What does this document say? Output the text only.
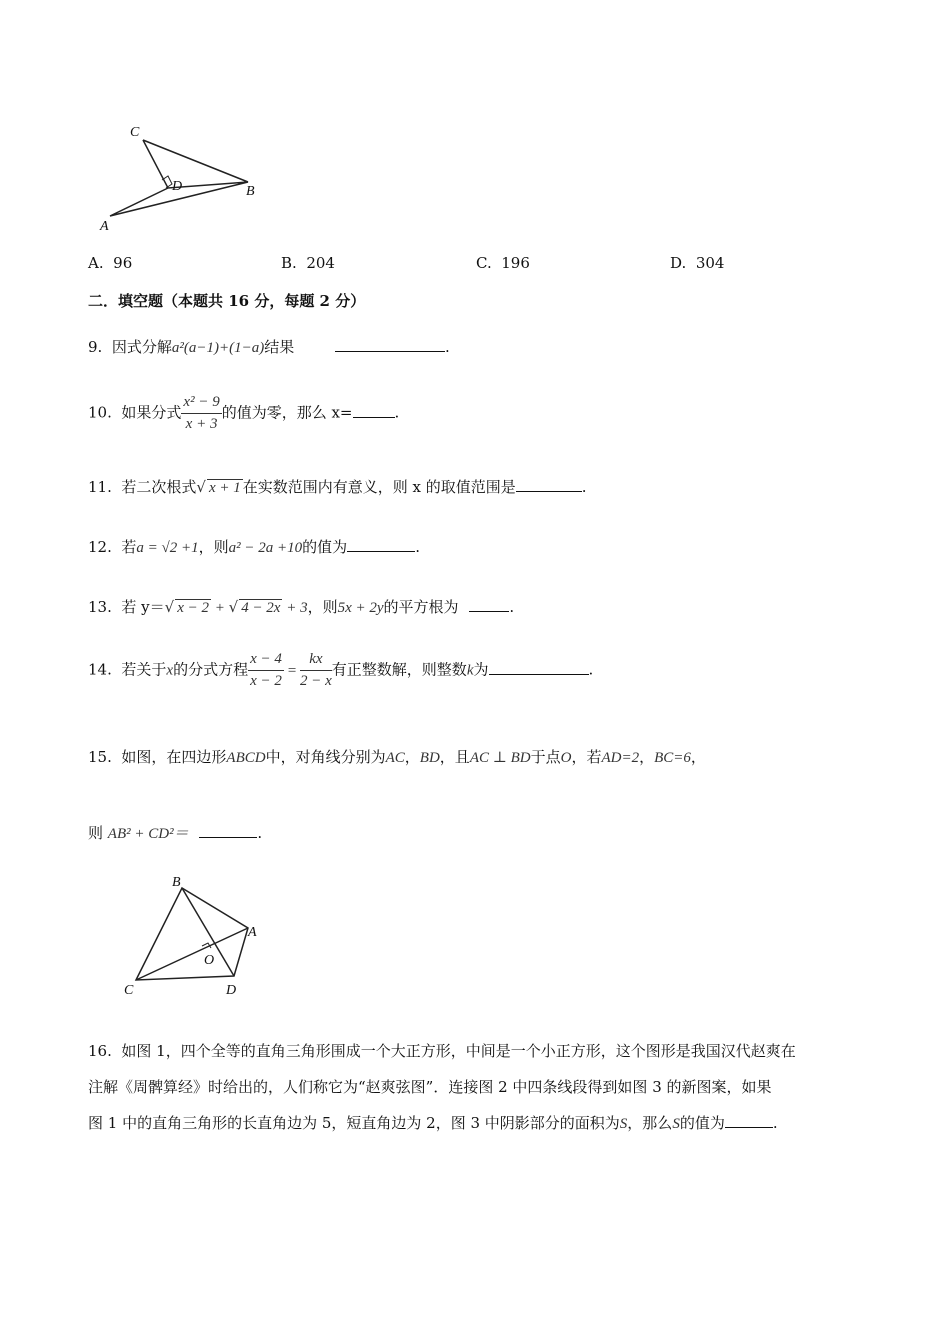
C
D	B
A
A. 96	B. 204	C. 196	D. 304
二．填空题（本题共 16 分，每题 2 分）
9. 因式分解a²(a−1)+(1−a)结果	.
10. 如果分式 $\frac{\text{x² − 9}}{x + 3}$ 的值为零，那么 x=	.
11. 若二次根式√ x + 1 在实数范围内有意义，则 x 的取值范围是	.
12. 若a = √2 +1，则a² − 2a +10的值为	.
13. 若 y＝√ x − 2 + √ 4 − 2x + 3，则5x + 2y的平方根为	.
14. 若关于x的分式方程 $\frac{x - 4}{x - 2} = \frac{kx}{2 - x}$ 有正整数解，则整数k为	.
15. 如图，在四边形ABCD中，对角线分别为AC，BD，且AC ⊥ BD于点O，若AD=2，BC=6，
则 AB² + CD²＝	.
B
A
O
C	D
16. 如图 1，四个全等的直角三角形围成一个大正方形，中间是一个小正方形，这个图形是我国汉代赵爽在
注解《周髀算经》时给出的，人们称它为“赵爽弦图”．连接图 2 中四条线段得到如图 3 的新图案，如果
图 1 中的直角三角形的长直角边为 5，短直角边为 2，图 3 中阴影部分的面积为S，那么S的值为	.
